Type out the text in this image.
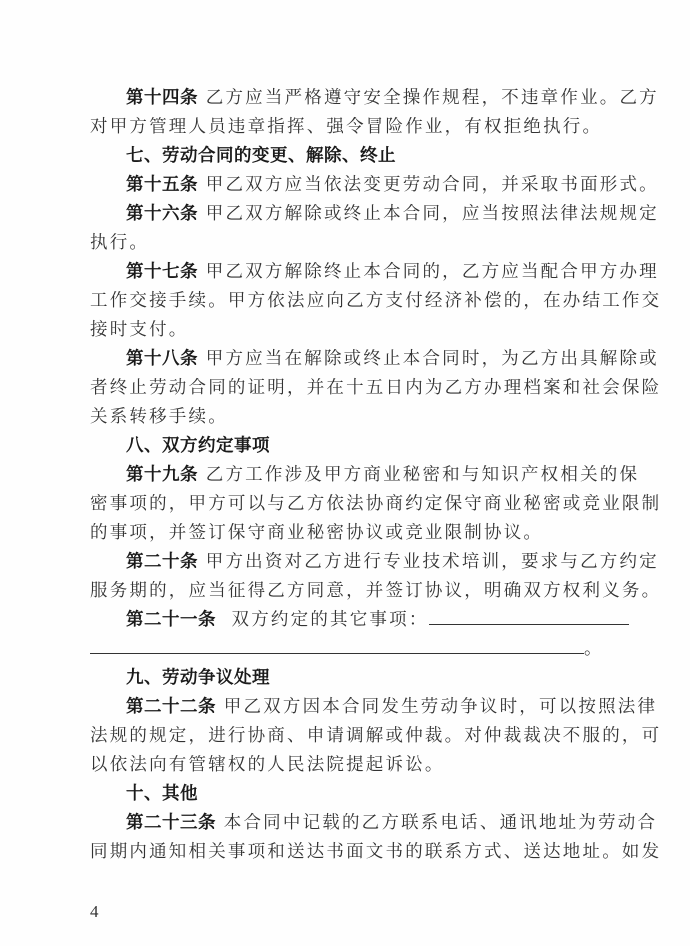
第十四条 乙方应当严格遵守安全操作规程，不违章作业。乙方
对甲方管理人员违章指挥、强令冒险作业，有权拒绝执行。
七、劳动合同的变更、解除、终止
第十五条 甲乙双方应当依法变更劳动合同，并采取书面形式。
第十六条 甲乙双方解除或终止本合同，应当按照法律法规规定
执行。
第十七条 甲乙双方解除终止本合同的，乙方应当配合甲方办理
工作交接手续。甲方依法应向乙方支付经济补偿的，在办结工作交
接时支付。
第十八条 甲方应当在解除或终止本合同时，为乙方出具解除或
者终止劳动合同的证明，并在十五日内为乙方办理档案和社会保险
关系转移手续。
八、双方约定事项
第十九条 乙方工作涉及甲方商业秘密和与知识产权相关的保
密事项的，甲方可以与乙方依法协商约定保守商业秘密或竞业限制
的事项，并签订保守商业秘密协议或竞业限制协议。
第二十条 甲方出资对乙方进行专业技术培训，要求与乙方约定
服务期的，应当征得乙方同意，并签订协议，明确双方权利义务。
第二十一条 双方约定的其它事项：
。
九、劳动争议处理
第二十二条 甲乙双方因本合同发生劳动争议时，可以按照法律
法规的规定，进行协商、申请调解或仲裁。对仲裁裁决不服的，可
以依法向有管辖权的人民法院提起诉讼。
十、其他
第二十三条 本合同中记载的乙方联系电话、通讯地址为劳动合
同期内通知相关事项和送达书面文书的联系方式、送达地址。如发
4
